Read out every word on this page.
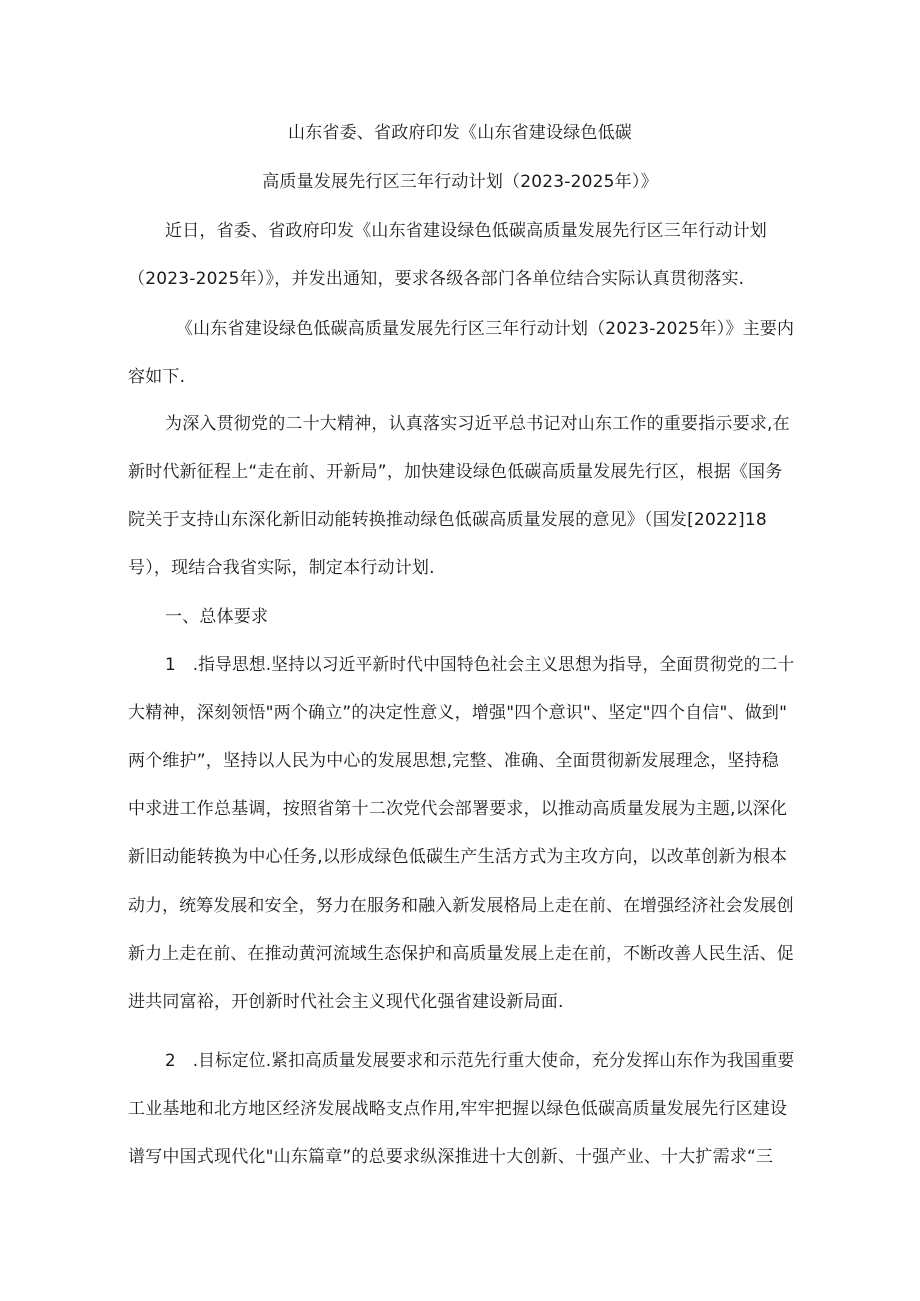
山东省委、省政府印发《山东省建设绿色低碳
高质量发展先行区三年行动计划（2023-2025年）》
近日，省委、省政府印发《山东省建设绿色低碳高质量发展先行区三年行动计划
（2023-2025年）》，并发出通知，要求各级各部门各单位结合实际认真贯彻落实.
《山东省建设绿色低碳高质量发展先行区三年行动计划（2023-2025年）》主要内
容如下.
为深入贯彻党的二十大精神，认真落实习近平总书记对山东工作的重要指示要求,在
新时代新征程上“走在前、开新局”，加快建设绿色低碳高质量发展先行区，根据《国务
院关于支持山东深化新旧动能转换推动绿色低碳高质量发展的意见》（国发[2022]18
号），现结合我省实际，制定本行动计划.
一、总体要求
1　.指导思想.坚持以习近平新时代中国特色社会主义思想为指导，全面贯彻党的二十
大精神，深刻领悟"两个确立”的决定性意义，增强"四个意识"、坚定"四个自信"、做到"
两个维护”，坚持以人民为中心的发展思想,完整、准确、全面贯彻新发展理念，坚持稳
中求进工作总基调，按照省第十二次党代会部署要求，以推动高质量发展为主题,以深化
新旧动能转换为中心任务,以形成绿色低碳生产生活方式为主攻方向，以改革创新为根本
动力，统筹发展和安全，努力在服务和融入新发展格局上走在前、在增强经济社会发展创
新力上走在前、在推动黄河流域生态保护和高质量发展上走在前，不断改善人民生活、促
进共同富裕，开创新时代社会主义现代化强省建设新局面.
2　.目标定位.紧扣高质量发展要求和示范先行重大使命，充分发挥山东作为我国重要
工业基地和北方地区经济发展战略支点作用,牢牢把握以绿色低碳高质量发展先行区建设
谱写中国式现代化"山东篇章”的总要求纵深推进十大创新、十强产业、十大扩需求“三
